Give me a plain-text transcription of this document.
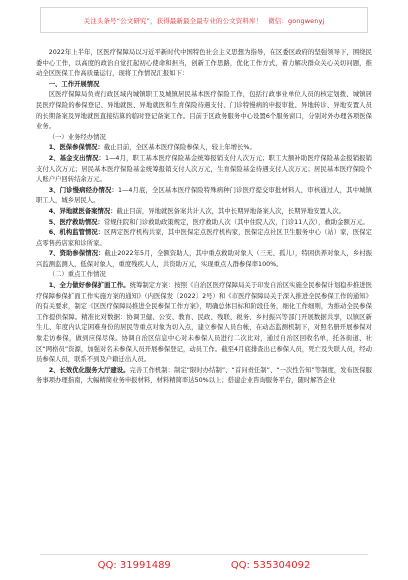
关注头条号“公文研究”，获得最新最全最专业的公文资料库！ 微信：gongwenyj

2022年上半年，区医疗保障局以习近平新时代中国特色社会主义思想为指导，在区委区政府的坚强领导下，围绕民委中心工作，以高度的政治自觉扛起初心使命和担当，创新工作思路，优化工作方式，着力解决群众关心关切问题，推动全区医保工作高质量运行，现将工作情况汇报如下：

一、工作开展情况

区医疗保障局负责行政区域内城镇职工及城镇居民基本医疗保险工作，包括行政事业单位人员的核定划拨、城镇居民医疗保险的参保登记、异地就医、异地就医和生育保险待遇支付、门诊特慢病的申报审批、异地转诊、异地安置人员的长期备案及异地就医直接结算的临时登记备案工作。目前于区政务服务中心设置6个服务窗口，分别对外办理各项医保业务。

（一）业务经办情况

1、医保参保情况：截止目前，全区基本医疗保险参保人，较上年增长%。

2、基金支出情况：1—4月，职工基本医疗保险基金统筹报销支付人次万元；职工大额补助医疗保险基金报销报销支付人次万元；居民基本医疗保险基金统筹报销支付人次万元，生育保险基金待遇支付人次万元；居民基本医疗保险个人账户户回转结余万元。

3、门诊慢病经办情况：1—4月底，全区基本医疗保险特殊病种门诊医疗提交审批材料人，审核通过人，其中城镇职工人，城乡居民人。

4、异地就医备案情况：截止目前，异地就医备案共计人次，其中长期异地备案人次，长期异地安置人次。

5、医疗救助情况：常规住院和门诊救助政策规定，医疗救助人次（其中住院人次，门诊11人次），救助金额万元。

6、机构监管情况：区两定医疗机构共家，其中医保定点医疗机构家，医保定点社区卫生服务中心（站）家，医保定点零售药店家和诊所家。

7、资助参保情况：截止2022年5月，全额资助人，其中重点救助对象人（三无、孤儿），特困供养对象人，乡村振兴监测监测人，低保对象人，重度残疾人人，共资助万元，实现重点人群参保率100%。

（二）重点工作情况

1、全力做好参保扩面工作。统筹制定方案：按照《自治区医疗保障局关于印发自治区实施全民参保计划稳步推进医疗保障参保扩面工作实施方案的通知》（内医保发〔2022〕2号）和《市医疗保障局关于深入推进全民参保工作的通知》的有关要求，制定《区医疗保障局推进全民参保工作方案》，明确总体目标和阶段任务，细化工作细则，为推动全民参保工作提供保障。精准比对数据：协调卫健、公安、教育、民政、残联、税务、乡村振兴等部门开展数据共享，以镇区新生儿、年度内认定困难身份的居民等重点对象为切入点，建立参保人员台帐，在动态监测机制下，对照名册开展参保对象走访参保，做到应保尽保。协调自治区信息中心对未参保人员进行二次比对，通过自治区回收名单，托各街道、社区“网格员”资源，加强对名未参保人员开展参保登记，动员工作。截至4月底排查出已参保人员，死亡及失联人员，经动员参保人员，联系不到及户籍迁出人员。

2、长效优化服务大厅建设。完善工作机制：制定“限时办结制”、“首问责任制”、“一次性告知”等制度，发布医保服务事项办理指南，大幅精简业务申报材料，材料精简率达50%以上；搭建企业咨询服务平台，随时解答企业

QQ: 31991489	QQ: 535304092
